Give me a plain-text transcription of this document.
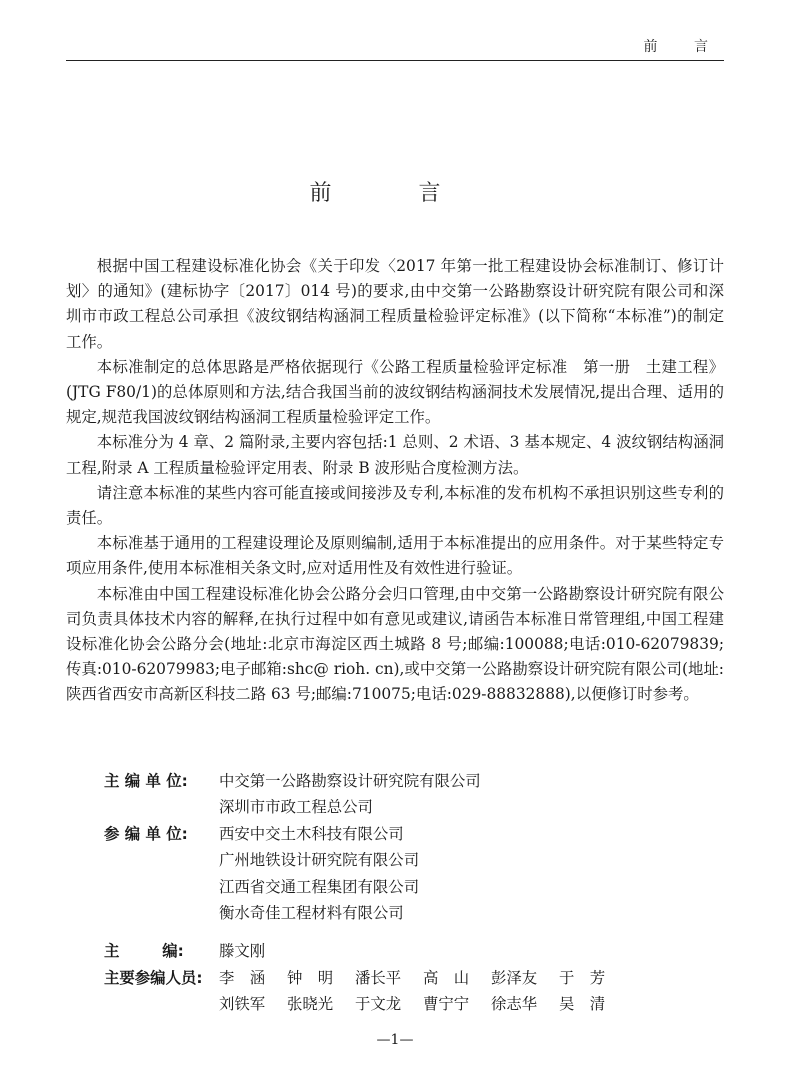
前 言
前 言

根据中国工程建设标准化协会《关于印发〈2017 年第一批工程建设协会标准制订、修订计划〉的通知》(建标协字〔2017〕014 号)的要求,由中交第一公路勘察设计研究院有限公司和深圳市市政工程总公司承担《波纹钢结构涵洞工程质量检验评定标准》(以下简称“本标准”)的制定工作。

本标准制定的总体思路是严格依据现行《公路工程质量检验评定标准　第一册　土建工程》(JTG F80/1)的总体原则和方法,结合我国当前的波纹钢结构涵洞技术发展情况,提出合理、适用的规定,规范我国波纹钢结构涵洞工程质量检验评定工作。

本标准分为 4 章、2 篇附录,主要内容包括:1 总则、2 术语、3 基本规定、4 波纹钢结构涵洞工程,附录 A 工程质量检验评定用表、附录 B 波形贴合度检测方法。

请注意本标准的某些内容可能直接或间接涉及专利,本标准的发布机构不承担识别这些专利的责任。

本标准基于通用的工程建设理论及原则编制,适用于本标准提出的应用条件。对于某些特定专项应用条件,使用本标准相关条文时,应对适用性及有效性进行验证。

本标准由中国工程建设标准化协会公路分会归口管理,由中交第一公路勘察设计研究院有限公司负责具体技术内容的解释,在执行过程中如有意见或建议,请函告本标准日常管理组,中国工程建设标准化协会公路分会(地址:北京市海淀区西土城路 8 号;邮编:100088;电话:010-62079839;传真:010-62079983;电子邮箱:shc@ rioh. cn),或中交第一公路勘察设计研究院有限公司(地址:陕西省西安市高新区科技二路 63 号;邮编:710075;电话:029-88832888),以便修订时参考。

主 编 单 位:	中交第一公路勘察设计研究院有限公司
深圳市市政工程总公司
参 编 单 位:	西安中交土木科技有限公司
广州地铁设计研究院有限公司
江西省交通工程集团有限公司
衡水奇佳工程材料有限公司
主        编:	滕文刚
主要参编人员:	李　涵	钟　明	潘长平	高　山	彭泽友	于　芳
刘铁军	张晓光	于文龙	曹宁宁	徐志华	吴　清
—1—
